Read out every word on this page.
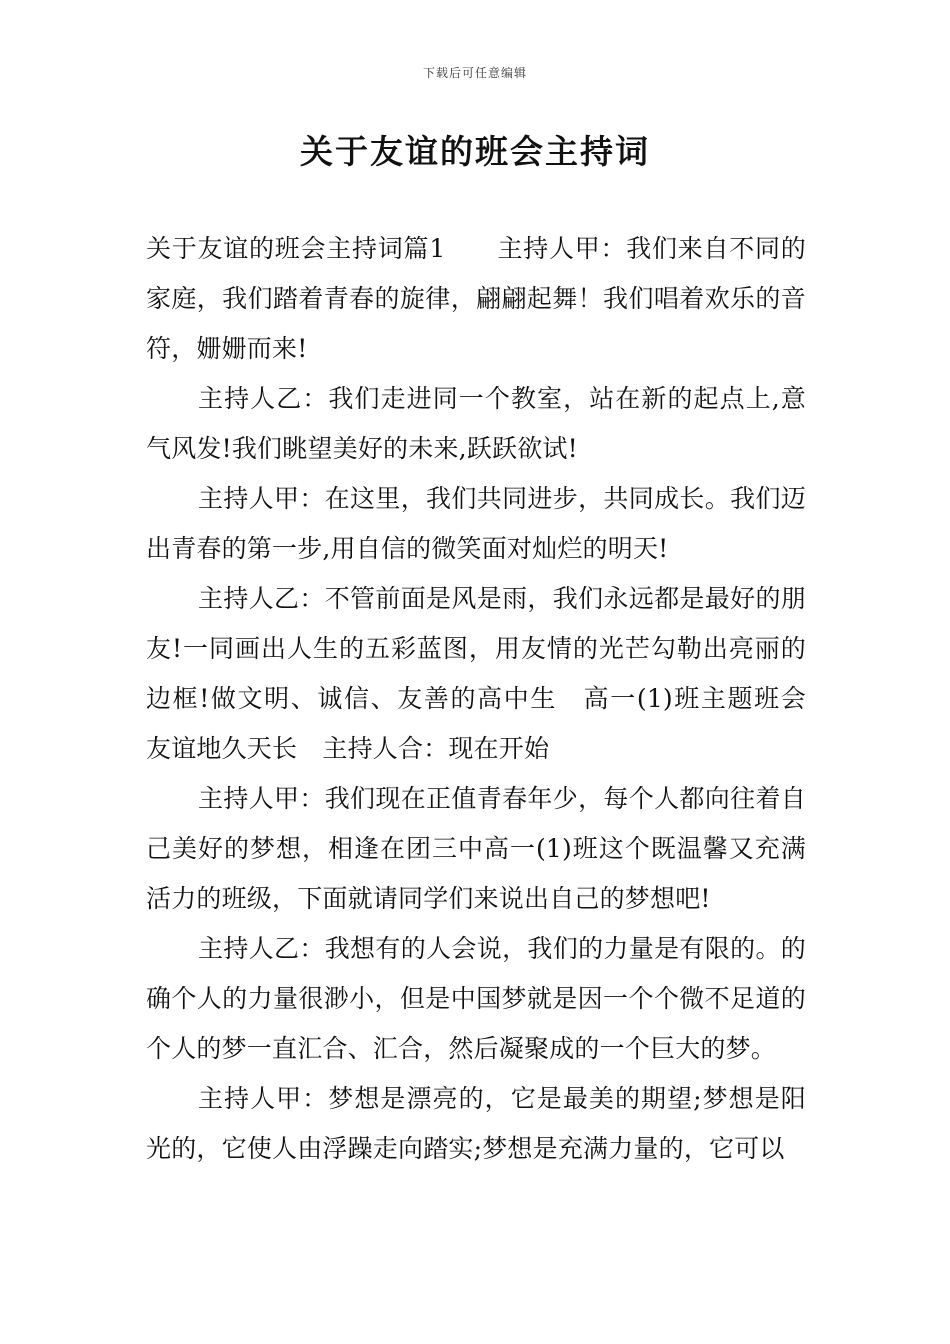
下载后可任意编辑
关于友谊的班会主持词

关于友谊的班会主持词篇1　　主持人甲：我们来自不同的家庭，我们踏着青春的旋律，翩翩起舞！我们唱着欢乐的音符，姗姗而来!

主持人乙：我们走进同一个教室，站在新的起点上,意气风发!我们眺望美好的未来,跃跃欲试!

主持人甲：在这里，我们共同进步，共同成长。我们迈出青春的第一步,用自信的微笑面对灿烂的明天!

主持人乙：不管前面是风是雨，我们永远都是最好的朋友!一同画出人生的五彩蓝图，用友情的光芒勾勒出亮丽的边框!做文明、诚信、友善的高中生　高一(1)班主题班会　友谊地久天长　主持人合：现在开始

主持人甲：我们现在正值青春年少，每个人都向往着自己美好的梦想，相逢在团三中高一(1)班这个既温馨又充满活力的班级，下面就请同学们来说出自己的梦想吧!

主持人乙：我想有的人会说，我们的力量是有限的。的确个人的力量很渺小，但是中国梦就是因一个个微不足道的个人的梦一直汇合、汇合，然后凝聚成的一个巨大的梦。

主持人甲：梦想是漂亮的，它是最美的期望;梦想是阳光的，它使人由浮躁走向踏实;梦想是充满力量的，它可以
